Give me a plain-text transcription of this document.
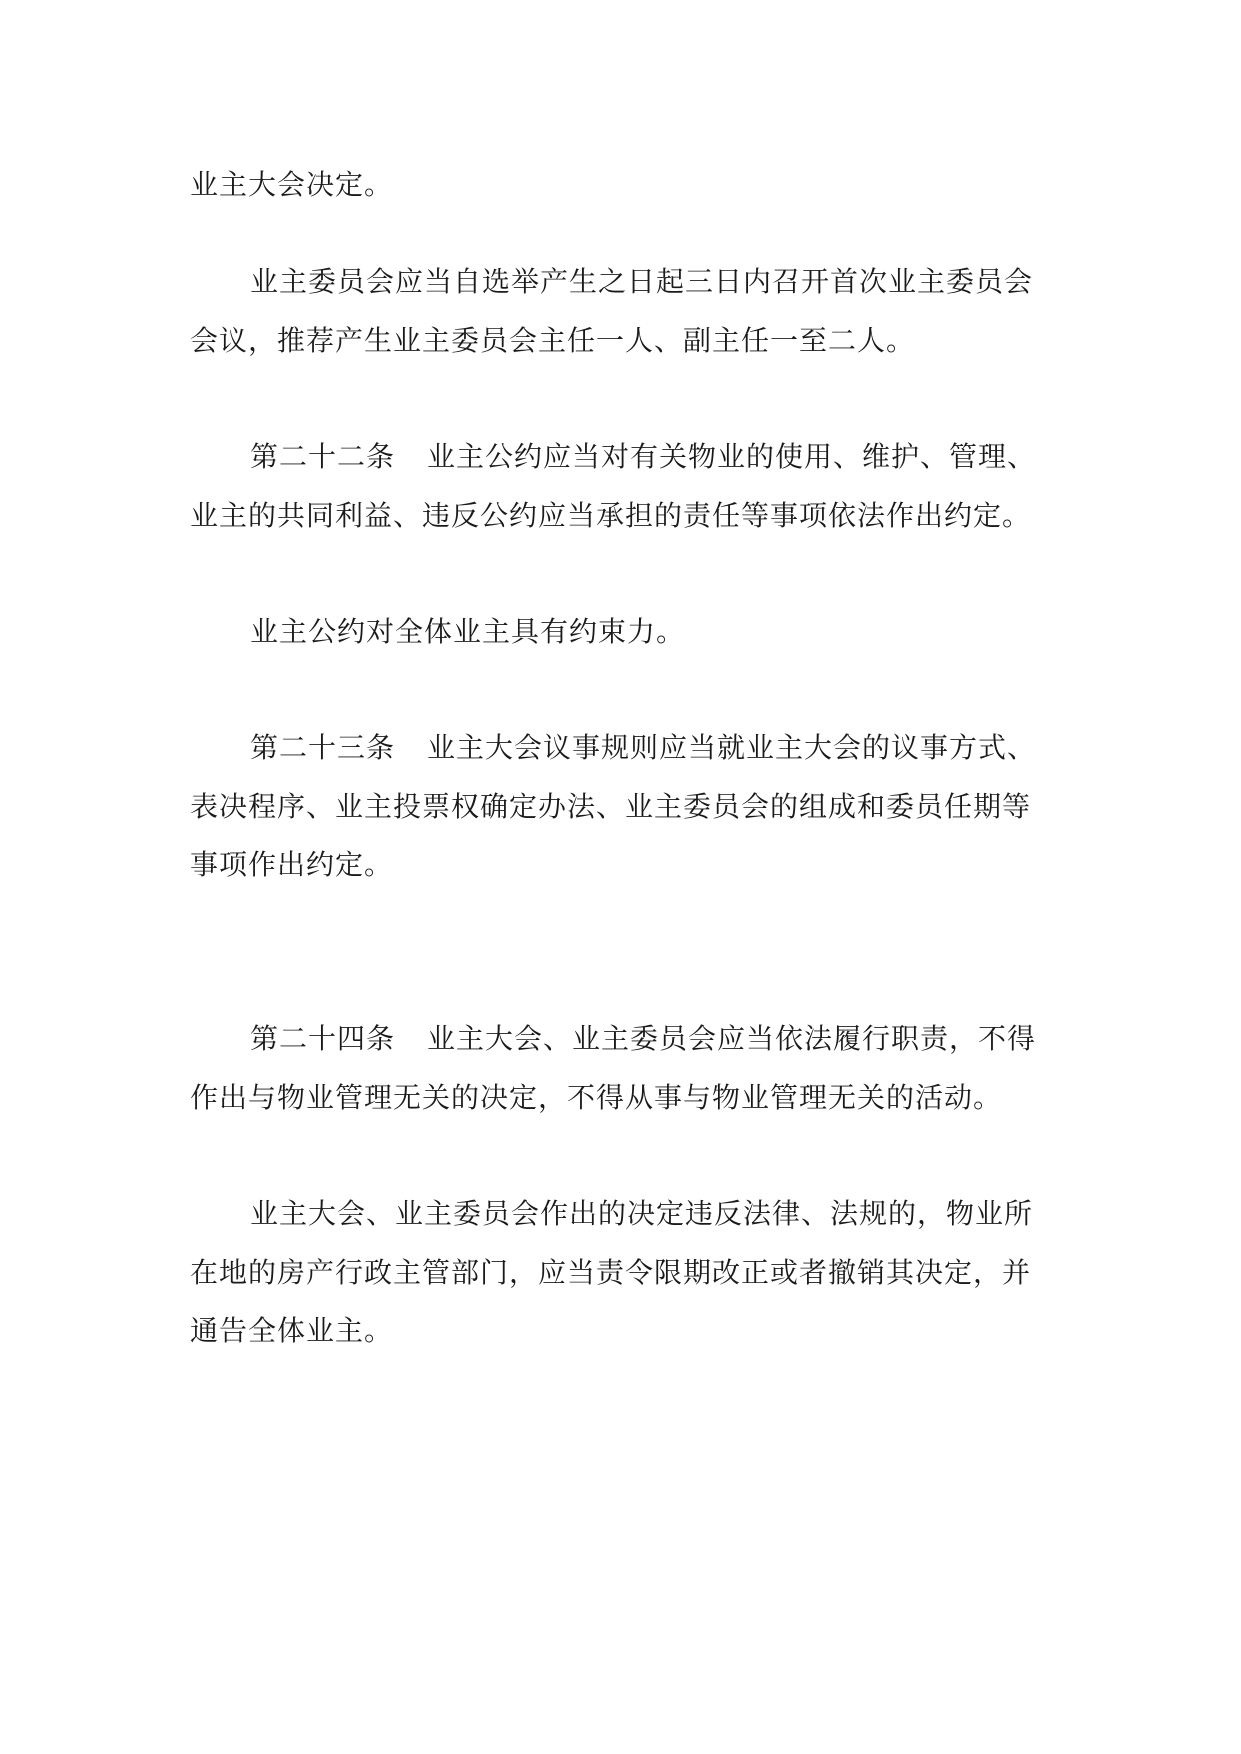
业主大会决定。
业主委员会应当自选举产生之日起三日内召开首次业主委员会
会议，推荐产生业主委员会主任一人、副主任一至二人。
第二十二条 业主公约应当对有关物业的使用、维护、管理、
业主的共同利益、违反公约应当承担的责任等事项依法作出约定。
业主公约对全体业主具有约束力。
第二十三条 业主大会议事规则应当就业主大会的议事方式、
表决程序、业主投票权确定办法、业主委员会的组成和委员任期等
事项作出约定。
第二十四条 业主大会、业主委员会应当依法履行职责，不得
作出与物业管理无关的决定，不得从事与物业管理无关的活动。
业主大会、业主委员会作出的决定违反法律、法规的，物业所
在地的房产行政主管部门，应当责令限期改正或者撤销其决定，并
通告全体业主。
